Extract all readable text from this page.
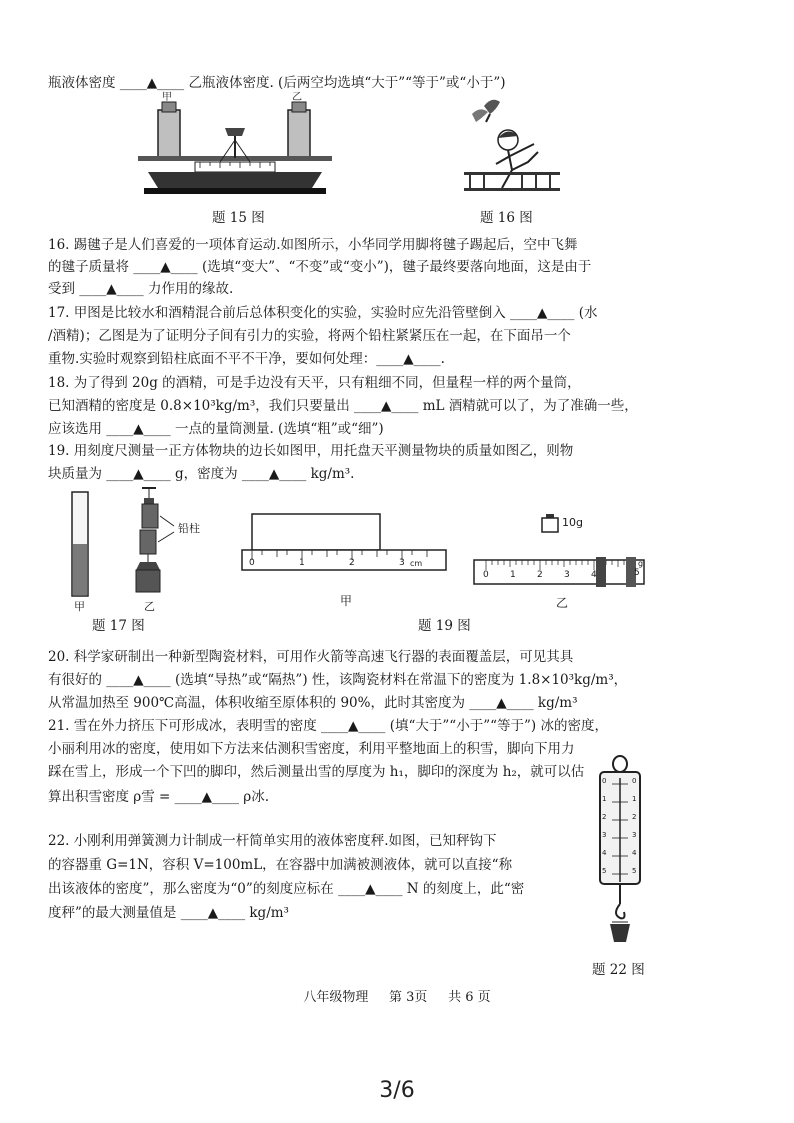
瓶液体密度 ____▲____ 乙瓶液体密度. (后两空均选填“大于”“等于”或“小于”)
甲	乙
题 15 图	题 16 图
16. 踢毽子是人们喜爱的一项体育运动.如图所示，小华同学用脚将毽子踢起后，空中飞舞
的毽子质量将 ____▲____ (选填“变大”、“不变”或“变小”)，毽子最终要落向地面，这是由于
受到 ____▲____ 力作用的缘故.
17. 甲图是比较水和酒精混合前后总体积变化的实验，实验时应先沿管壁倒入 ____▲____ (水
/酒精)；乙图是为了证明分子间有引力的实验，将两个铅柱紧紧压在一起，在下面吊一个
重物.实验时观察到铅柱底面不平不干净，要如何处理：____▲____.
18. 为了得到 20g 的酒精，可是手边没有天平，只有粗细不同，但量程一样的两个量筒，
已知酒精的密度是 0.8×10³kg/m³，我们只要量出 ____▲____ mL 酒精就可以了，为了准确一些，
应该选用 ____▲____ 一点的量筒测量. (选填“粗”或“细”)
19. 用刻度尺测量一正方体物块的边长如图甲，用托盘天平测量物块的质量如图乙，则物
块质量为 ____▲____ g，密度为 ____▲____ kg/m³.
铅柱
甲	乙
题 17 图
0	1	2	3 cm
甲
10g
0 1 2 3 4	5
g
乙
题 19 图
20. 科学家研制出一种新型陶瓷材料，可用作火箭等高速飞行器的表面覆盖层，可见其具
有很好的 ____▲____ (选填“导热”或“隔热”) 性，该陶瓷材料在常温下的密度为 1.8×10³kg/m³，
从常温加热至 900℃高温，体积收缩至原体积的 90%，此时其密度为 ____▲____ kg/m³
21. 雪在外力挤压下可形成冰，表明雪的密度 ____▲____ (填“大于”“小于”“等于”) 冰的密度，
小丽利用冰的密度，使用如下方法来估测积雪密度，利用平整地面上的积雪，脚向下用力
踩在雪上，形成一个下凹的脚印，然后测量出雪的厚度为 h₁，脚印的深度为 h₂，就可以估
算出积雪密度 ρ雪 = ____▲____ ρ冰.
22. 小刚利用弹簧测力计制成一杆简单实用的液体密度秤.如图，已知秤钩下
的容器重 G=1N，容积 V=100mL，在容器中加满被测液体，就可以直接“称
出该液体的密度”，那么密度为“0”的刻度应标在 ____▲____ N 的刻度上，此“密
度秤”的最大测量值是 ____▲____ kg/m³
0
1
2
3
4
5
0
1
2
3
4
5
题 22 图
八年级物理     第 3页     共 6 页
3/6
